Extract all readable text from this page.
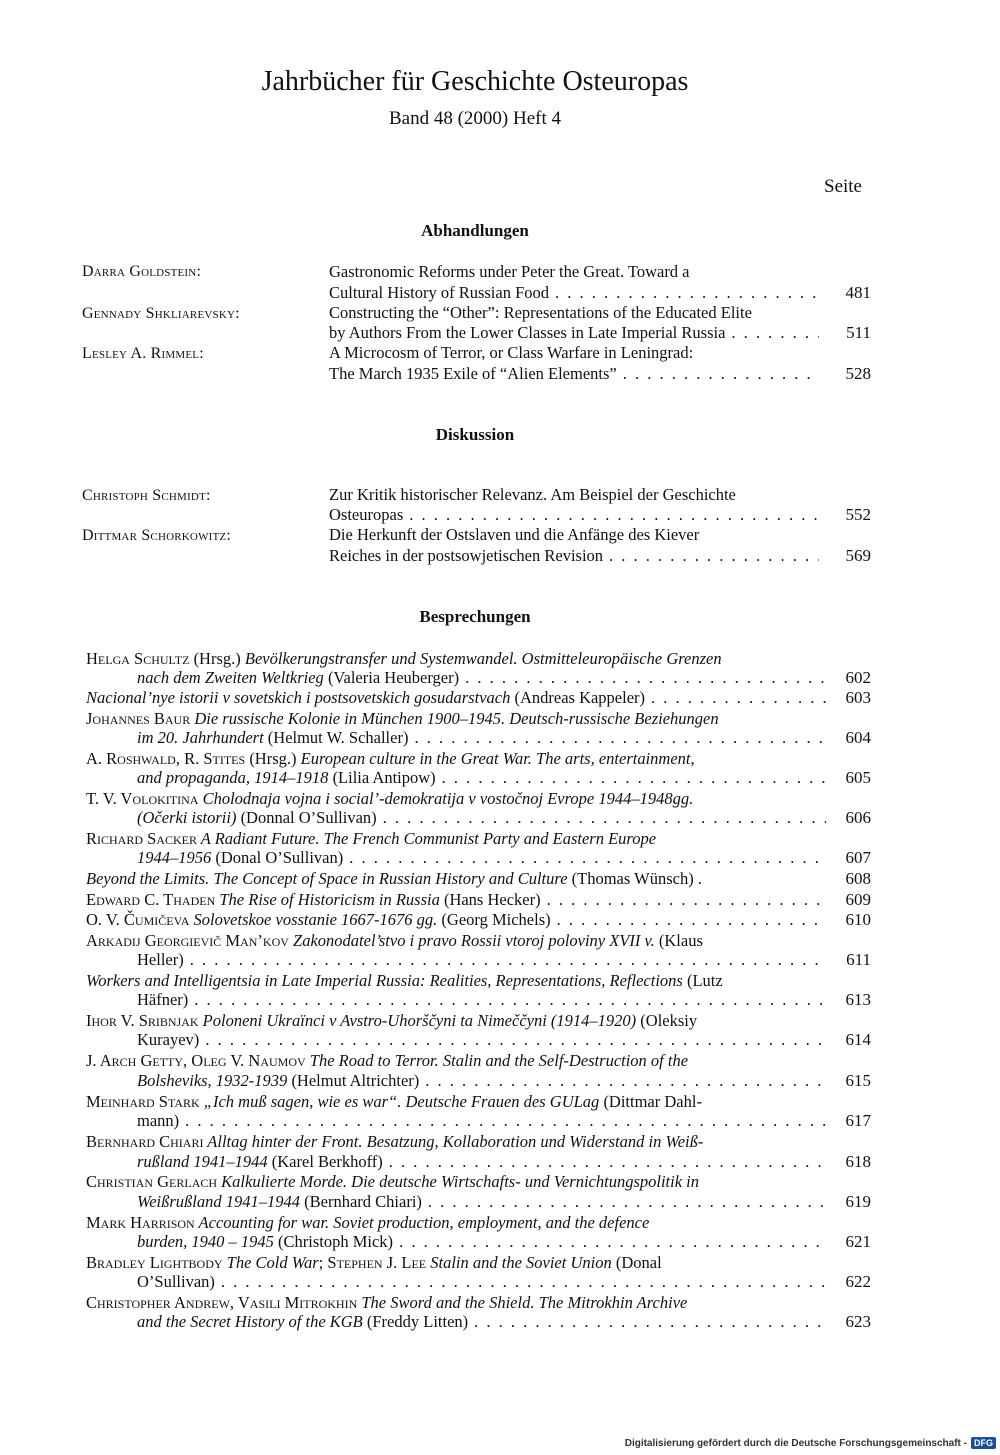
Jahrbücher für Geschichte Osteuropas
Band 48 (2000) Heft 4
Seite
Abhandlungen
Darra Goldstein:	Gastronomic Reforms under Peter the Great. Toward a
Cultural History of Russian Food . . .	481
Gennady Shkliarevsky:	Constructing the “Other”: Representations of the Educated Elite
by Authors From the Lower Classes in Late Imperial Russia . . .	511
Lesley A. Rimmel:	A Microcosm of Terror, or Class Warfare in Leningrad:
The March 1935 Exile of “Alien Elements” . . .	528
Diskussion
Christoph Schmidt:	Zur Kritik historischer Relevanz. Am Beispiel der Geschichte
Osteuropas . . .	552
Dittmar Schorkowitz:	Die Herkunft der Ostslaven und die Anfänge des Kiever
Reiches in der postsowjetischen Revision . . .	569
Besprechungen
Helga Schultz (Hrsg.) Bevölkerungstransfer und Systemwandel. Ostmitteleuropäische Grenzen
nach dem Zweiten Weltkrieg (Valeria Heuberger) . . .	602
Nacional’nye istorii v sovetskich i postsovetskich gosudarstvach (Andreas Kappeler) . . .	603
Johannes Baur Die russische Kolonie in München 1900–1945. Deutsch-russische Beziehungen
im 20. Jahrhundert (Helmut W. Schaller) . . .	604
A. Roshwald, R. Stites (Hrsg.) European culture in the Great War. The arts, entertainment,
and propaganda, 1914–1918 (Lilia Antipow) . . .	605
T. V. Volokitina Cholodnaja vojna i social’-demokratija v vostočnoj Evrope 1944–1948gg.
(Očerki istorii) (Donnal O’Sullivan) . . .	606
Richard Sacker A Radiant Future. The French Communist Party and Eastern Europe
1944–1956 (Donal O’Sullivan) . . .	607
Beyond the Limits. The Concept of Space in Russian History and Culture (Thomas Wünsch) .	608
Edward C. Thaden The Rise of Historicism in Russia (Hans Hecker) . . .	609
O. V. Čumičeva Solovetskoe vosstanie 1667-1676 gg. (Georg Michels) . . .	610
Arkadij Georgievič Man’kov Zakonodatel’stvo i pravo Rossii vtoroj poloviny XVII v. (Klaus
Heller) . . .	611
Workers and Intelligentsia in Late Imperial Russia: Realities, Representations, Reflections (Lutz
Häfner) . . .	613
Ihor V. Sribnjak Poloneni Ukraïnci v Avstro-Uhorščyni ta Nimeččyni (1914–1920) (Oleksiy
Kurayev) . . .	614
J. Arch Getty, Oleg V. Naumov The Road to Terror. Stalin and the Self-Destruction of the
Bolsheviks, 1932-1939 (Helmut Altrichter) . . .	615
Meinhard Stark „Ich muß sagen, wie es war“. Deutsche Frauen des GULag (Dittmar Dahl-
mann) . . .	617
Bernhard Chiari Alltag hinter der Front. Besatzung, Kollaboration und Widerstand in Weiß-
rußland 1941–1944 (Karel Berkhoff) . . .	618
Christian Gerlach Kalkulierte Morde. Die deutsche Wirtschafts- und Vernichtungspolitik in
Weißrußland 1941–1944 (Bernhard Chiari) . . .	619
Mark Harrison Accounting for war. Soviet production, employment, and the defence
burden, 1940 – 1945 (Christoph Mick) . . .	621
Bradley Lightbody The Cold War; Stephen J. Lee Stalin and the Soviet Union (Donal
O’Sullivan) . . .	622
Christopher Andrew, Vasili Mitrokhin The Sword and the Shield. The Mitrokhin Archive
and the Secret History of the KGB (Freddy Litten) . . .	623
Digitalisierung gefördert durch die Deutsche Forschungsgemeinschaft - DFG
